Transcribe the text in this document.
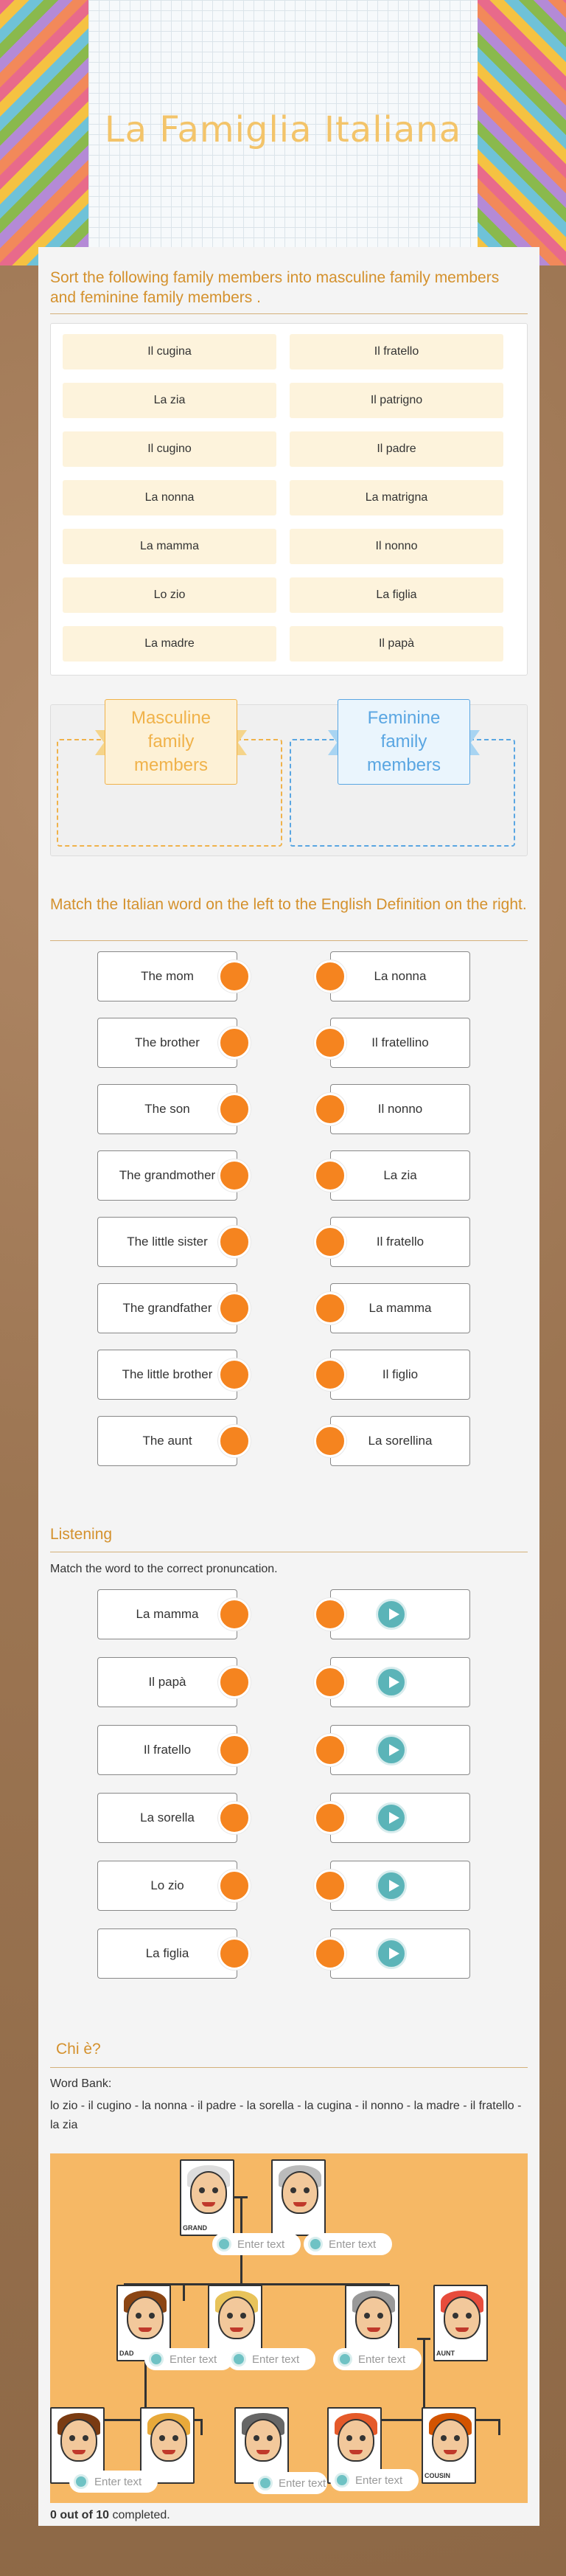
La Famiglia Italiana
Sort the following family members into masculine family members and feminine family members .
Il cugina	Il fratello
La zia	Il patrigno
Il cugino	Il padre
La nonna	La matrigna
La mamma	Il nonno
Lo zio	La figlia
La madre	Il papà
Masculine family members
Feminine family members
Match the Italian word on the left to the English Definition on the right.
The mom
The brother
The son
The grandmother
The little sister
The grandfather
The little brother
The aunt
La nonna
Il fratellino
Il nonno
La zia
Il fratello
La mamma
Il figlio
La sorellina
Listening
Match the word to the correct pronuncation.
La mamma
Il papà
Il fratello
La sorella
Lo zio
La figlia
Chi è?
Word Bank:
lo zio - il cugino - la nonna - il padre - la sorella - la cugina - il nonno - la madre - il fratello - la zia
GRAND
Enter text	Enter text
DAD	AUNT
Enter text	Enter text	Enter text
COUSIN
Enter text	Enter text	Enter text
0 out of 10 completed.
